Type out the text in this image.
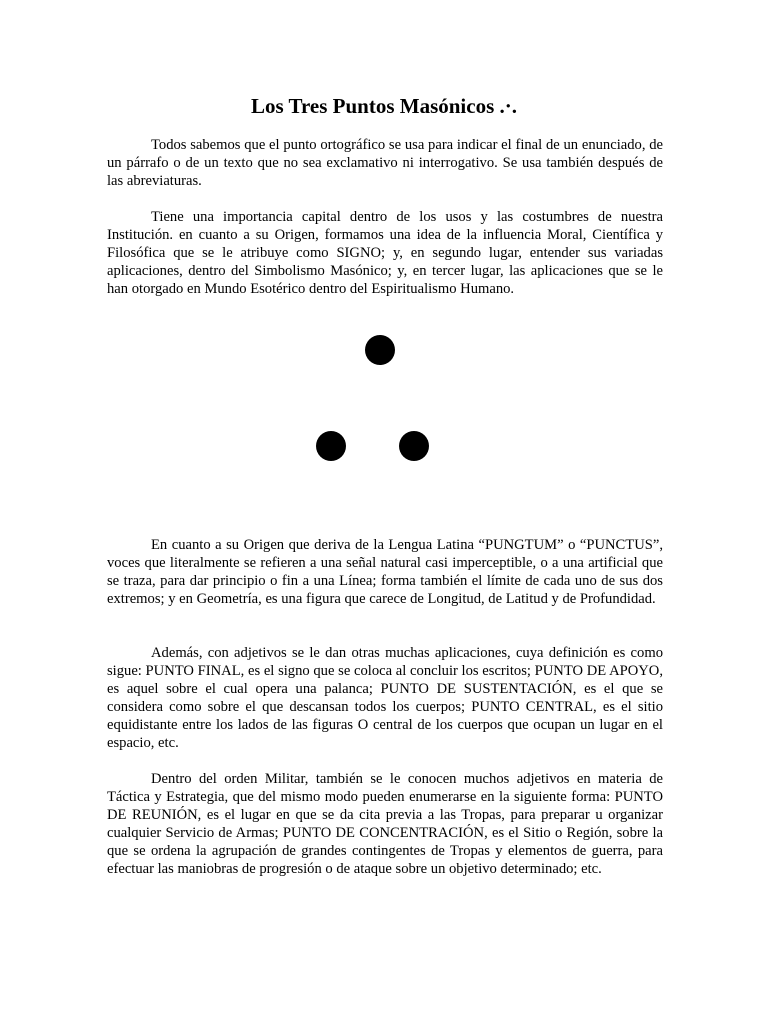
Los Tres Puntos Masónicos .·.

Todos sabemos que el punto ortográfico se usa para indicar el final de un enunciado, de un párrafo o de un texto que no sea exclamativo ni interrogativo. Se usa también después de las abreviaturas.

Tiene una importancia capital dentro de los usos y las costumbres de nuestra Institución. en cuanto a su Origen, formamos una idea de la influencia Moral, Científica y Filosófica que se le atribuye como SIGNO; y, en segundo lugar, entender sus variadas aplicaciones, dentro del Simbolismo Masónico; y, en tercer lugar, las aplicaciones que se le han otorgado en Mundo Esotérico dentro del Espiritualismo Humano.

En cuanto a su Origen que deriva de la Lengua Latina “PUNGTUM” o “PUNCTUS”, voces que literalmente se refieren a una señal natural casi imperceptible, o a una artificial que se traza, para dar principio o fin a una Línea; forma también el límite de cada uno de sus dos extremos; y en Geometría, es una figura que carece de Longitud, de Latitud y de Profundidad.

Además, con adjetivos se le dan otras muchas aplicaciones, cuya definición es como sigue: PUNTO FINAL, es el signo que se coloca al concluir los escritos; PUNTO DE APOYO, es aquel sobre el cual opera una palanca; PUNTO DE SUSTENTACIÓN, es el que se considera como sobre el que descansan todos los cuerpos; PUNTO CENTRAL, es el sitio equidistante entre los lados de las figuras O central de los cuerpos que ocupan un lugar en el espacio, etc.

Dentro del orden Militar, también se le conocen muchos adjetivos en materia de Táctica y Estrategia, que del mismo modo pueden enumerarse en la siguiente forma: PUNTO DE REUNIÓN, es el lugar en que se da cita previa a las Tropas, para preparar u organizar cualquier Servicio de Armas; PUNTO DE CONCENTRACIÓN, es el Sitio o Región, sobre la que se ordena la agrupación de grandes contingentes de Tropas y elementos de guerra, para efectuar las maniobras de progresión o de ataque sobre un objetivo determinado; etc.
